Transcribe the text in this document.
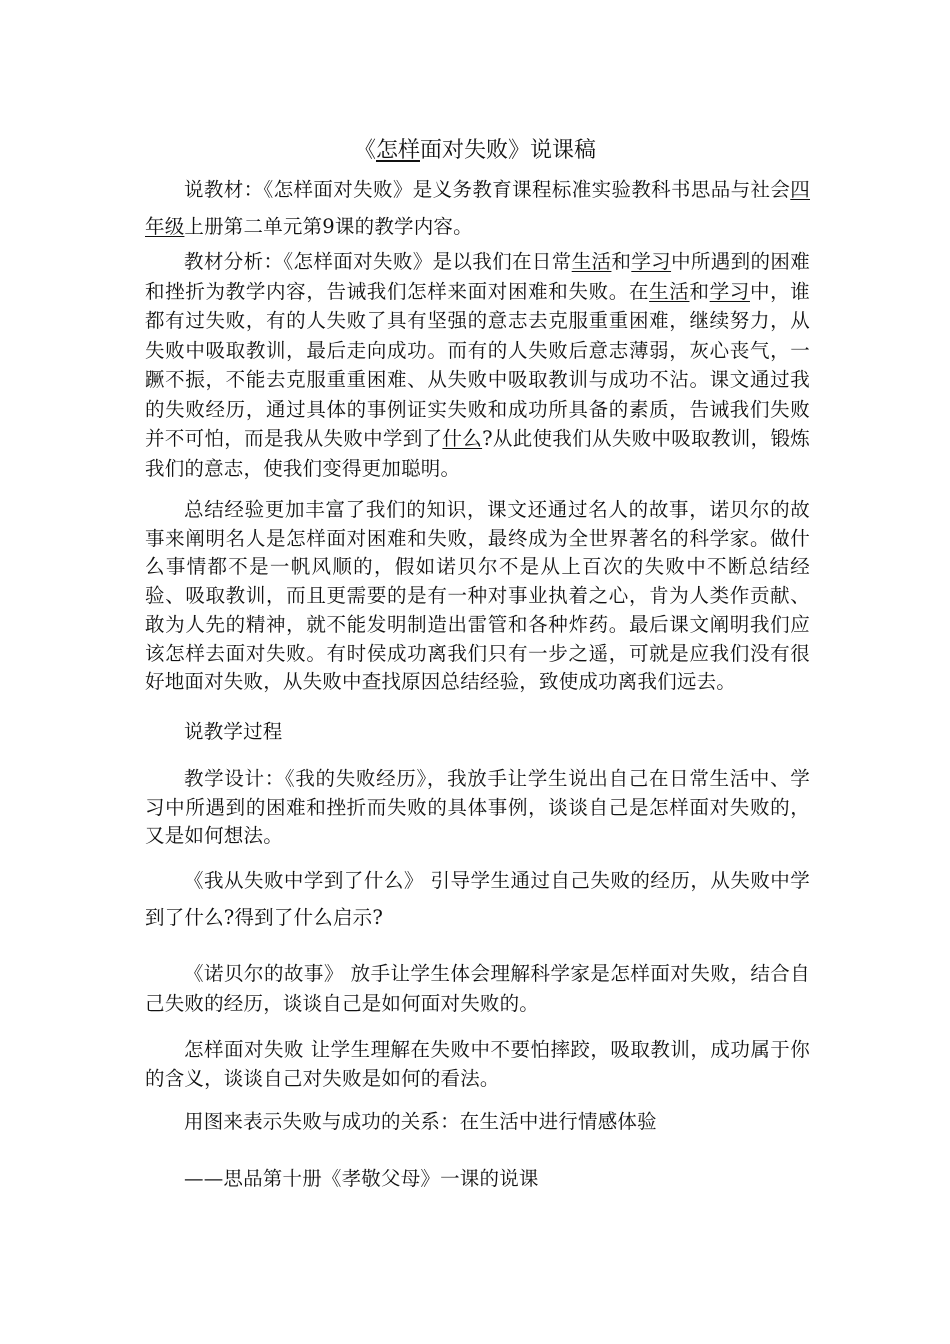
《怎样面对失败》说课稿

说教材：《怎样面对失败》是义务教育课程标准实验教科书思品与社会四年级上册第二单元第9课的教学内容。

教材分析：《怎样面对失败》是以我们在日常生活和学习中所遇到的困难和挫折为教学内容，告诫我们怎样来面对困难和失败。在生活和学习中，谁都有过失败，有的人失败了具有坚强的意志去克服重重困难，继续努力，从失败中吸取教训，最后走向成功。而有的人失败后意志薄弱，灰心丧气，一蹶不振，不能去克服重重困难、从失败中吸取教训与成功不沾。课文通过我的失败经历，通过具体的事例证实失败和成功所具备的素质，告诫我们失败并不可怕，而是我从失败中学到了什么?从此使我们从失败中吸取教训，锻炼我们的意志，使我们变得更加聪明。

总结经验更加丰富了我们的知识，课文还通过名人的故事，诺贝尔的故事来阐明名人是怎样面对困难和失败，最终成为全世界著名的科学家。做什么事情都不是一帆风顺的，假如诺贝尔不是从上百次的失败中不断总结经验、吸取教训，而且更需要的是有一种对事业执着之心，肯为人类作贡献、敢为人先的精神，就不能发明制造出雷管和各种炸药。最后课文阐明我们应该怎样去面对失败。有时侯成功离我们只有一步之遥，可就是应我们没有很好地面对失败，从失败中查找原因总结经验，致使成功离我们远去。

说教学过程

教学设计：《我的失败经历》，我放手让学生说出自己在日常生活中、学习中所遇到的困难和挫折而失败的具体事例，谈谈自己是怎样面对失败的，又是如何想法。

《我从失败中学到了什么》 引导学生通过自己失败的经历，从失败中学到了什么?得到了什么启示?

《诺贝尔的故事》 放手让学生体会理解科学家是怎样面对失败，结合自己失败的经历，谈谈自己是如何面对失败的。

怎样面对失败 让学生理解在失败中不要怕摔跤，吸取教训，成功属于你的含义，谈谈自己对失败是如何的看法。

用图来表示失败与成功的关系：在生活中进行情感体验

——思品第十册《孝敬父母》一课的说课
